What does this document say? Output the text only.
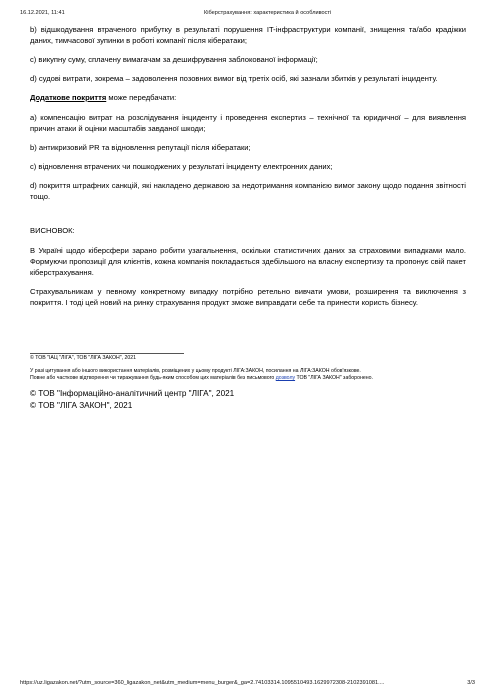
16.12.2021, 11:41	Кіберстрахування: характеристика й особливості

b) відшкодування втраченого прибутку в результаті порушення IT-інфраструктури компанії, знищення та/або крадіжки даних, тимчасової зупинки в роботі компанії після кібератаки;

c) викупну суму, сплачену вимагачам за дешифрування заблокованої інформації;

d) судові витрати, зокрема – задоволення позовних вимог від третіх осіб, які зазнали збитків у результаті інциденту.

Додаткове покриття може передбачати:

a) компенсацію витрат на розслідування інциденту і проведення експертиз – технічної та юридичної – для виявлення причин атаки й оцінки масштабів завданої шкоди;

b) антикризовий PR та відновлення репутації після кібератаки;

c) відновлення втрачених чи пошкоджених у результаті інциденту електронних даних;

d) покриття штрафних санкцій, які накладено державою за недотримання компанією вимог закону щодо подання звітності тощо.

ВИСНОВОК:

В Україні щодо кіберсфери зарано робити узагальнення, оскільки статистичних даних за страховими випадками мало. Формуючи пропозиції для клієнтів, кожна компанія покладається здебільшого на власну експертизу та пропонує свій пакет кіберстрахування.

Страхувальникам у певному конкретному випадку потрібно ретельно вивчати умови, розширення та виключення з покриття. І тоді цей новий на ринку страхування продукт зможе виправдати себе та принести користь бізнесу.

© ТОВ "ІАЦ "ЛІГА", ТОВ "ЛІГА ЗАКОН", 2021

У разі цитування або іншого використання матеріалів, розміщених у цьому продукті ЛІГА:ЗАКОН, посилання на ЛІГА:ЗАКОН обов'язкове.

Повне або часткове відтворення чи тиражування будь-яким способом цих матеріалів без письмового дозволу ТОВ "ЛІГА ЗАКОН" заборонено.

© ТОВ "Інформаційно-аналітичний центр "ЛІГА", 2021

© ТОВ "ЛІГА ЗАКОН", 2021

https://uz.ligazakon.net/?utm_source=360_ligazakon_net&utm_medium=menu_burger&_ga=2.74103314.1095510493.1629972308-2102391081....	3/3
